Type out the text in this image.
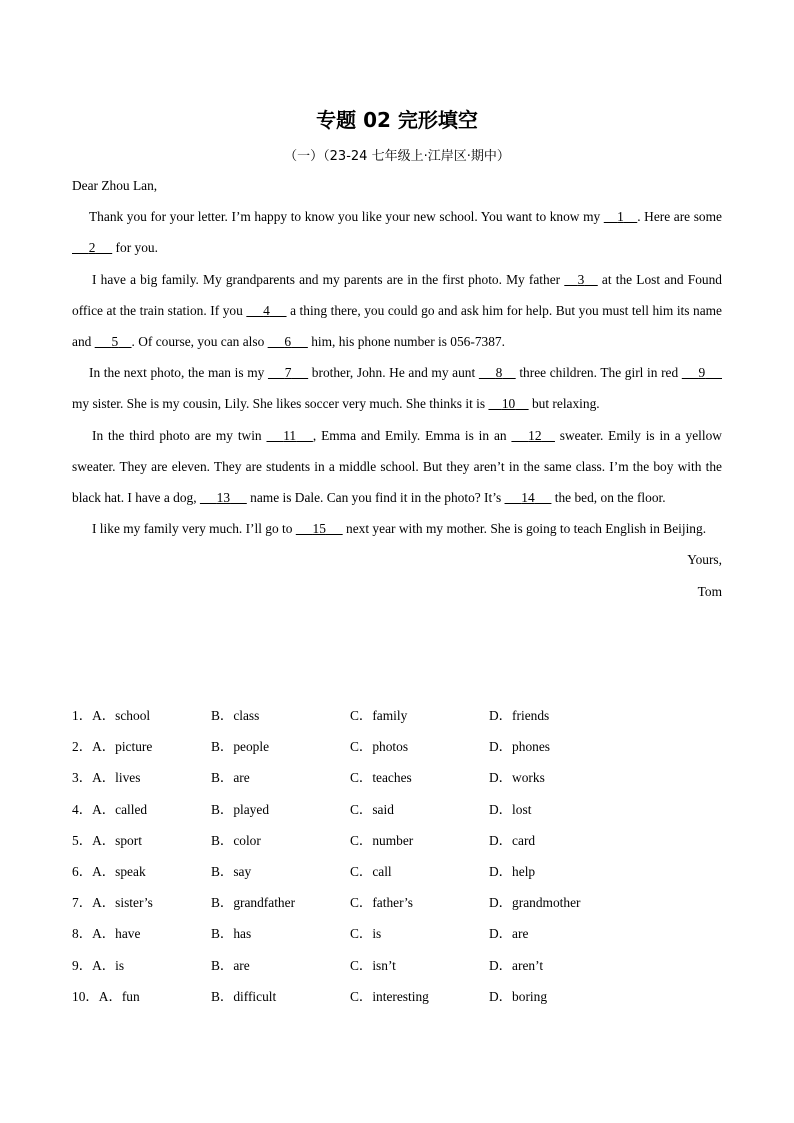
专题 02 完形填空
（一）（23-24 七年级上·江岸区·期中）

Dear Zhou Lan,

Thank you for your letter. I’m happy to know you like your new school. You want to know my     1 . Here are some      2      for you.

I have a big family. My grandparents and my parents are in the first photo. My father     3     at the Lost and Found office at the train station. If you      4      a thing there, you could go and ask him for help. But you must tell him its name and      5 . Of course, you can also      6      him, his phone number is 056-7387.

In the next photo, the man is my      7      brother, John. He and my aunt      8     three children. The girl in red      9      my sister. She is my cousin, Lily. She likes soccer very much. She thinks it is     10     but relaxing.

In the third photo are my twin      11 , Emma and Emily. Emma is in an      12     sweater. Emily is in a yellow sweater. They are eleven. They are students in a middle school. But they aren’t in the same class. I’m the boy with the black hat. I have a dog,      13      name is Dale. Can you find it in the photo? It’s      14      the bed, on the floor.

I like my family very much. I’ll go to      15      next year with my mother. She is going to teach English in Beijing.

Yours,

Tom

1．A．school	B．class	C．family	D．friends
2．A．picture	B．people	C．photos	D．phones
3．A．lives	B．are	C．teaches	D．works
4．A．called	B．played	C．said	D．lost
5．A．sport	B．color	C．number	D．card
6．A．speak	B．say	C．call	D．help
7．A．sister’s	B．grandfather	C．father’s	D．grandmother
8．A．have	B．has	C．is	D．are
9．A．is	B．are	C．isn’t	D．aren’t
10．A．fun	B．difficult	C．interesting	D．boring
